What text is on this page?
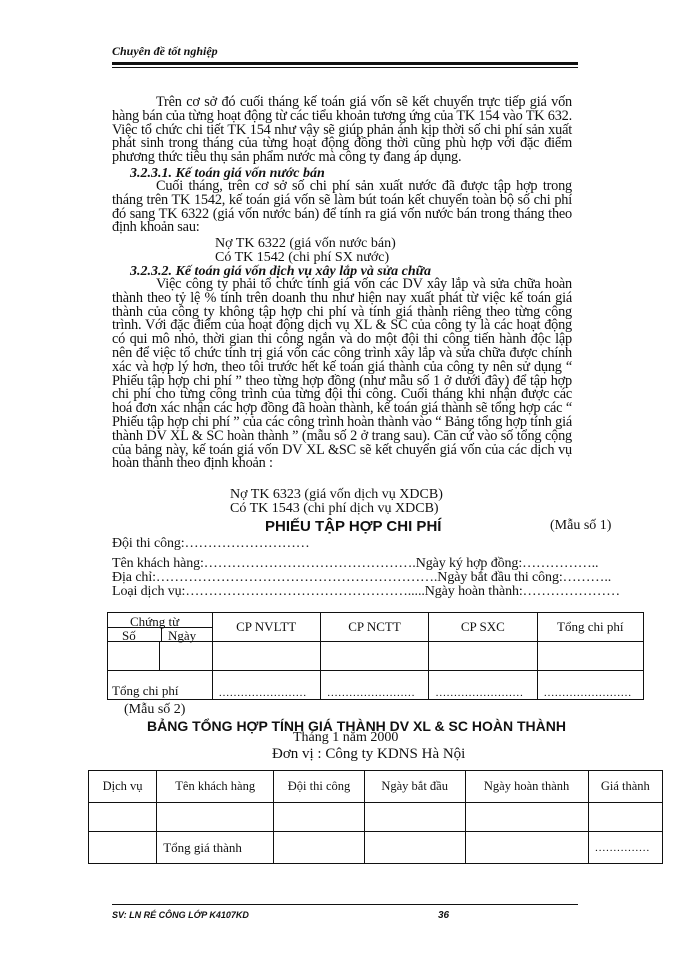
Chuyên đề tốt nghiệp
Trên cơ sở đó cuối tháng kế toán giá vốn sẽ kết chuyển trực tiếp giá vốn hàng bán của từng hoạt động từ các tiểu khoản tương ứng của TK 154 vào TK 632. Việc tổ chức chi tiết TK 154 như vậy sẽ giúp phản ánh kịp thời số chi phí sản xuất phát sinh trong tháng của từng hoạt động đồng thời cũng phù hợp với đặc điểm phương thức tiêu thụ sản phẩm nước mà công ty đang áp dụng.
3.2.3.1. Kế toán giá vốn nước bán
Cuối tháng, trên cơ sở số chi phí sản xuất nước đã được tập hợp trong tháng trên TK 1542, kế toán giá vốn sẽ làm bút toán kết chuyển toàn bộ số chi phí đó sang TK 6322 (giá vốn nước bán) để tính ra giá vốn nước bán trong tháng theo định khoản sau:
Nợ TK 6322 (giá vốn nước bán)
Có TK 1542 (chi phí SX nước)
3.2.3.2. Kế toán giá vốn dịch vụ xây lắp và sửa chữa
Việc công ty phải tổ chức tính giá vốn các DV xây lắp và sửa chữa hoàn thành theo tỷ lệ % tính trên doanh thu như hiện nay xuất phát từ việc kế toán giá thành của công ty không tập hợp chi phí và tính giá thành riêng theo từng công trình. Với đặc điểm của hoạt động dịch vụ XL & SC của công ty là các hoạt động có qui mô nhỏ, thời gian thi công ngắn và do một đội thi công tiến hành độc lập nên để việc tổ chức tính trị giá vốn các công trình xây lắp và sửa chữa được chính xác và hợp lý hơn, theo tôi trước hết kế toán giá thành của công ty nên sử dụng “ Phiếu tập hợp chi phí ” theo từng hợp đồng (như mẫu số 1 ở dưới đây) để tập hợp chi phí cho từng công trình của từng đội thi công. Cuối tháng khi nhận được các hoá đơn xác nhận các hợp đồng đã hoàn thành, kế toán giá thành sẽ tổng hợp các “ Phiếu tập hợp chi phí ” của các công trình hoàn thành vào “ Bảng tổng hợp tính giá thành DV XL & SC hoàn thành ” (mẫu số 2 ở trang sau). Căn cứ vào số tổng cộng của bảng này, kế toán giá vốn DV XL &SC sẽ kết chuyển giá vốn của các dịch vụ hoàn thành theo định khoản :
Nợ TK 6323 (giá vốn dịch vụ XDCB)
Có TK 1543 (chi phí dịch vụ XDCB)
PHIẾU TẬP HỢP CHI PHÍ	(Mẫu số 1)
Đội thi công:………………………
Tên khách hàng:……………………………………….Ngày ký hợp đồng:……………..
Địa chỉ:…………………………………………………….Ngày bắt đầu thi công:………..
Loại dịch vụ:………………………………………….....Ngày hoàn thành:…………………
Chứng từ
Số Ngày		CP NVLTT	CP NCTT	CP SXC	Tổng chi phí

Tổng chi phí		……………………	……………………	……………………	……………………
(Mẫu số 2)
BẢNG TỔNG HỢP TÍNH GIÁ THÀNH DV XL & SC HOÀN THÀNH
Tháng 1 năm 2000
Đơn vị : Công ty KDNS Hà Nội
Dịch vụ	Tên khách hàng	Đội thi công	Ngày bắt đầu	Ngày hoàn thành	Giá thành

	Tổng giá thành				……………
SV: LN RÉ CÔNG LỚP K4107KD	36
